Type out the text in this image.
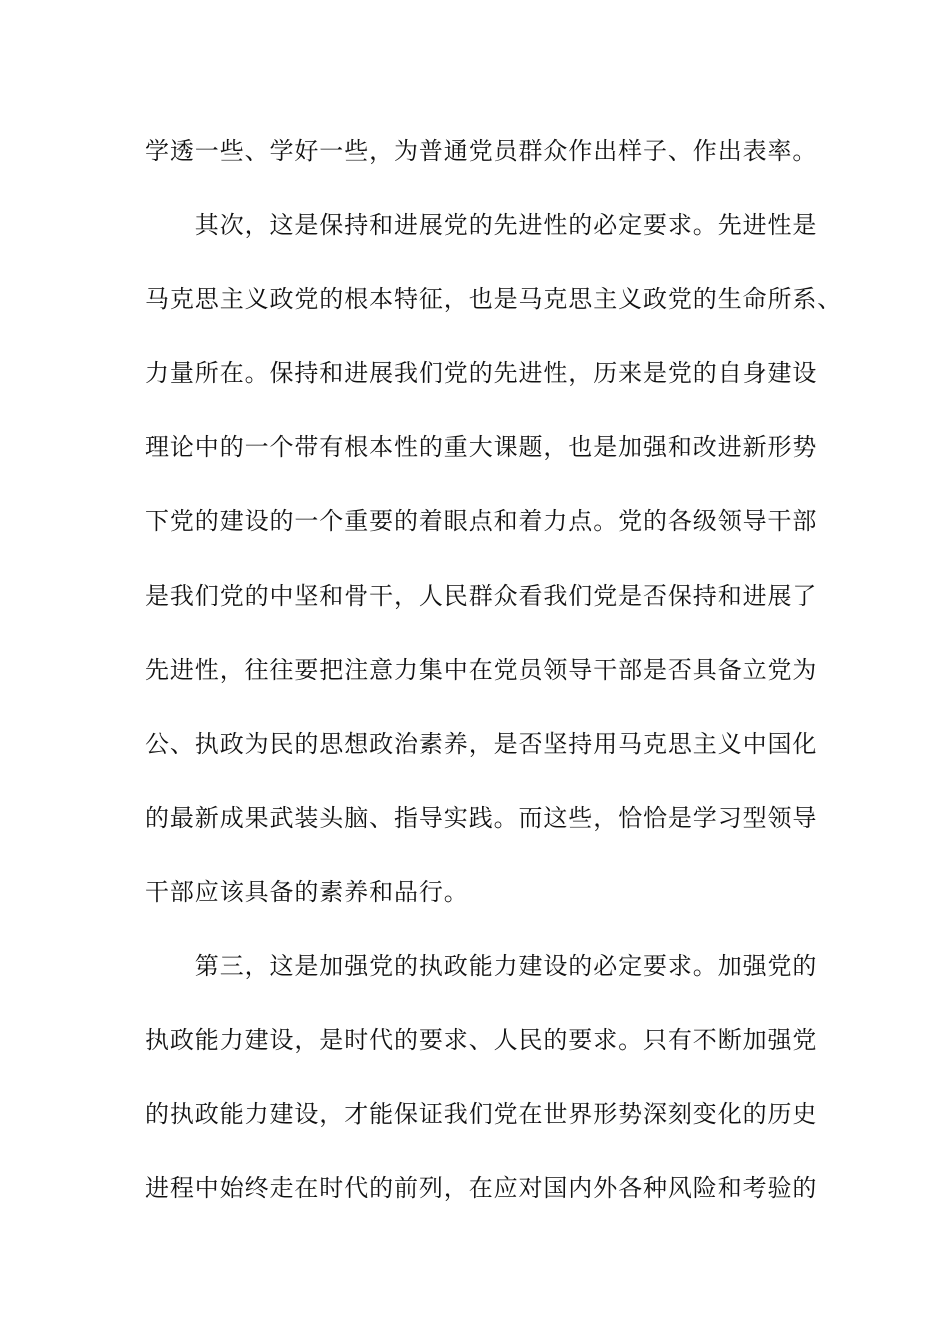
学透一些、学好一些，为普通党员群众作出样子、作出表率。
　　其次，这是保持和进展党的先进性的必定要求。先进性是
马克思主义政党的根本特征，也是马克思主义政党的生命所系、
力量所在。保持和进展我们党的先进性，历来是党的自身建设
理论中的一个带有根本性的重大课题，也是加强和改进新形势
下党的建设的一个重要的着眼点和着力点。党的各级领导干部
是我们党的中坚和骨干，人民群众看我们党是否保持和进展了
先进性，往往要把注意力集中在党员领导干部是否具备立党为
公、执政为民的思想政治素养，是否坚持用马克思主义中国化
的最新成果武装头脑、指导实践。而这些，恰恰是学习型领导
干部应该具备的素养和品行。
　　第三，这是加强党的执政能力建设的必定要求。加强党的
执政能力建设，是时代的要求、人民的要求。只有不断加强党
的执政能力建设，才能保证我们党在世界形势深刻变化的历史
进程中始终走在时代的前列，在应对国内外各种风险和考验的
